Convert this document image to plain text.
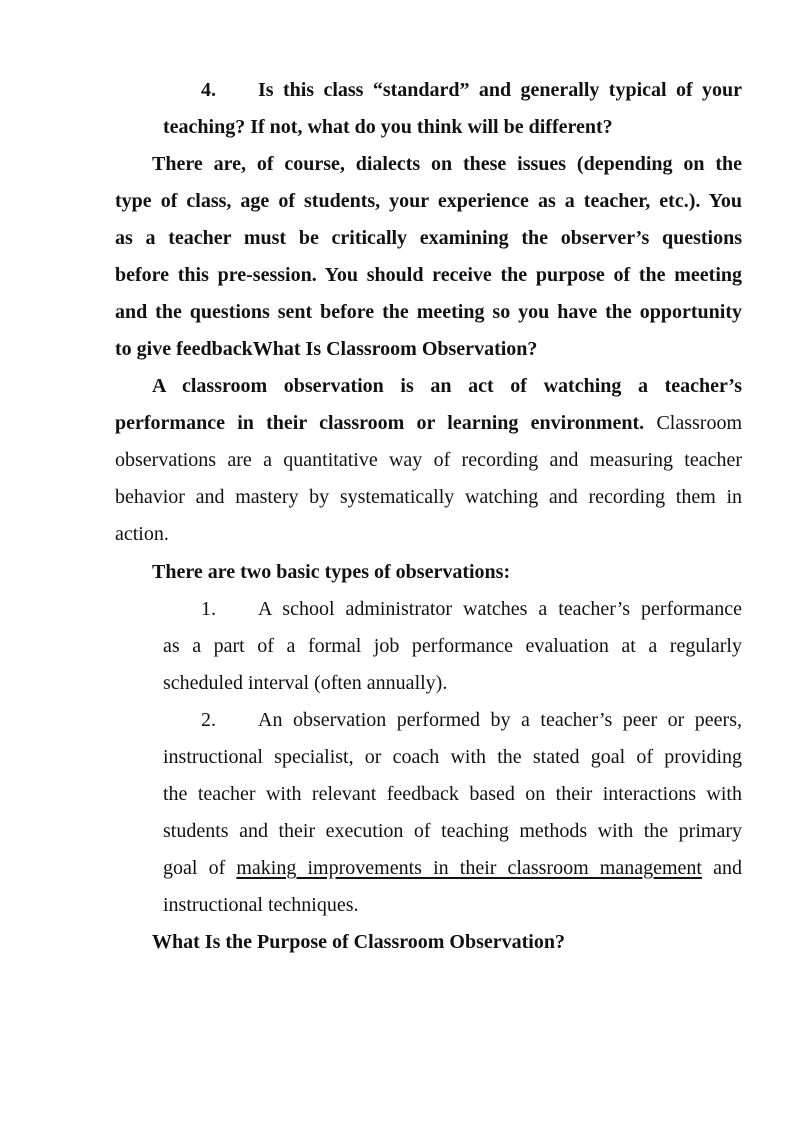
4.	Is this class “standard” and generally typical of your
teaching? If not, what do you think will be different?
There are, of course, dialects on these issues (depending on the
type of class, age of students, your experience as a teacher, etc.). You
as a teacher must be critically examining the observer’s questions
before this pre-session. You should receive the purpose of the meeting
and the questions sent before the meeting so you have the opportunity
to give feedbackWhat Is Classroom Observation?
A classroom observation is an act of watching a teacher’s
performance in their classroom or learning environment. Classroom
observations are a quantitative way of recording and measuring teacher
behavior and mastery by systematically watching and recording them in
action.
There are two basic types of observations:
1.	A school administrator watches a teacher’s performance
as a part of a formal job performance evaluation at a regularly
scheduled interval (often annually).
2.	An observation performed by a teacher’s peer or peers,
instructional specialist, or coach with the stated goal of providing
the teacher with relevant feedback based on their interactions with
students and their execution of teaching methods with the primary
goal of making improvements in their classroom management and
instructional techniques.
What Is the Purpose of Classroom Observation?
